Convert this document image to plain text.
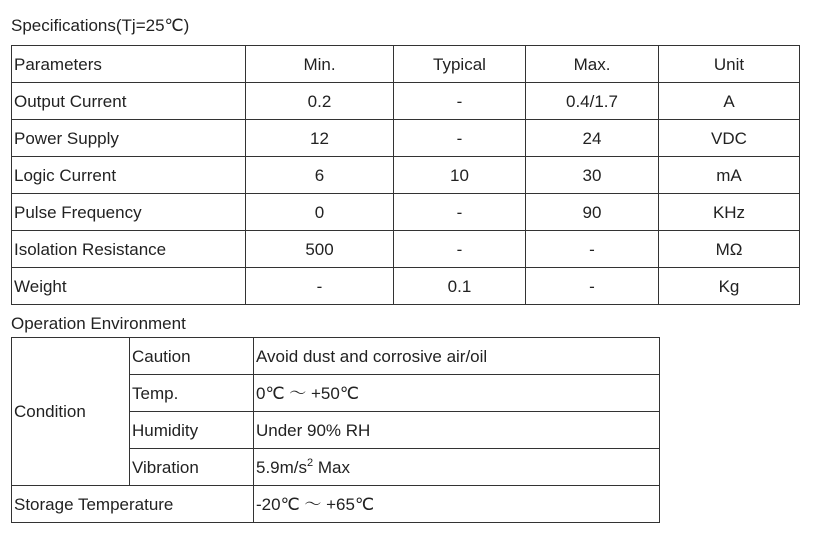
Specifications(Tj=25℃)
Parameters	Min.	Typical	Max.	Unit
Output Current	0.2	-	0.4/1.7	A
Power Supply	12	-	24	VDC
Logic Current	6	10	30	mA
Pulse Frequency	0	-	90	KHz
Isolation Resistance	500	-	-	MΩ
Weight	-	0.1	-	Kg
Operation Environment
Condition	Caution	Avoid dust and corrosive air/oil
	Temp.	0℃ ～ +50℃
	Humidity	Under 90% RH
	Vibration	$5.9m/s^2$ Max
Storage Temperature		-20℃ ～ +65℃
